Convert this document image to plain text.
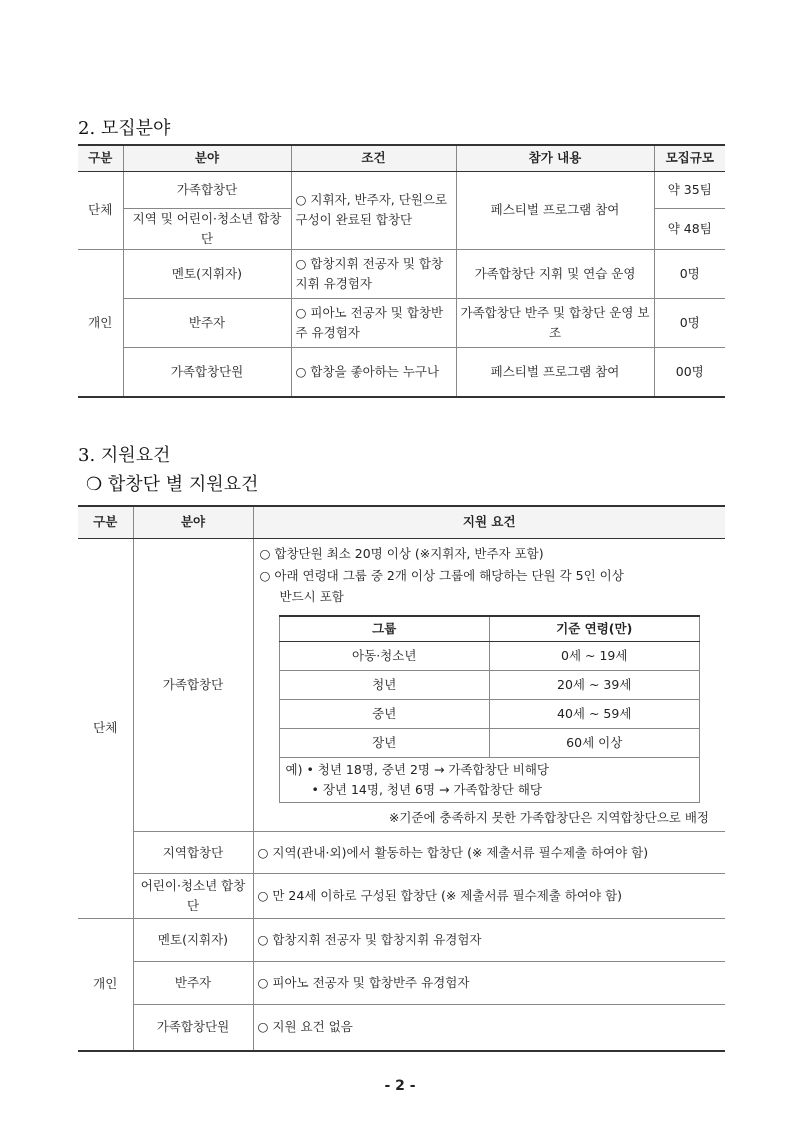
2. 모집분야
구분	분야	조건	참가 내용	모집규모
단체	가족합창단	○ 지휘자, 반주자, 단원으로 구성이 완료된 합창단	페스티벌 프로그램 참여	약 35팀
	지역 및 어린이·청소년 합창단			약 48팀
개인	멘토(지휘자)	○ 합창지휘 전공자 및 합창지휘 유경험자	가족합창단 지휘 및 연습 운영	0명
	반주자	○ 피아노 전공자 및 합창반주 유경험자	가족합창단 반주 및 합창단 운영 보조	0명
	가족합창단원	○ 합창을 좋아하는 누구나	페스티벌 프로그램 참여	00명
3. 지원요건
❍ 합창단 별 지원요건
구분	분야	지원 요건
단체	가족합창단	
○ 합창단원 최소 20명 이상 (※지휘자, 반주자 포함)
○ 아래 연령대 그룹 중 2개 이상 그룹에 해당하는 단원 각 5인 이상
반드시 포함
그룹	기준 연령(만)
아동·청소년	0세 ~ 19세
청년	20세 ~ 39세
중년	40세 ~ 59세
장년	60세 이상

예) • 청년 18명, 중년 2명 → 가족합창단 비해당
• 장년 14명, 청년 6명 → 가족합창단 해당
※기준에 충족하지 못한 가족합창단은 지역합창단으로 배정

지역합창단	○ 지역(관내·외)에서 활동하는 합창단 (※ 제출서류 필수제출 하여야 함)
어린이·청소년 합창단	○ 만 24세 이하로 구성된 합창단 (※ 제출서류 필수제출 하여야 함)
개인	멘토(지휘자)	○ 합창지휘 전공자 및 합창지휘 유경험자
반주자	○ 피아노 전공자 및 합창반주 유경험자
가족합창단원	○ 지원 요건 없음
- 2 -
